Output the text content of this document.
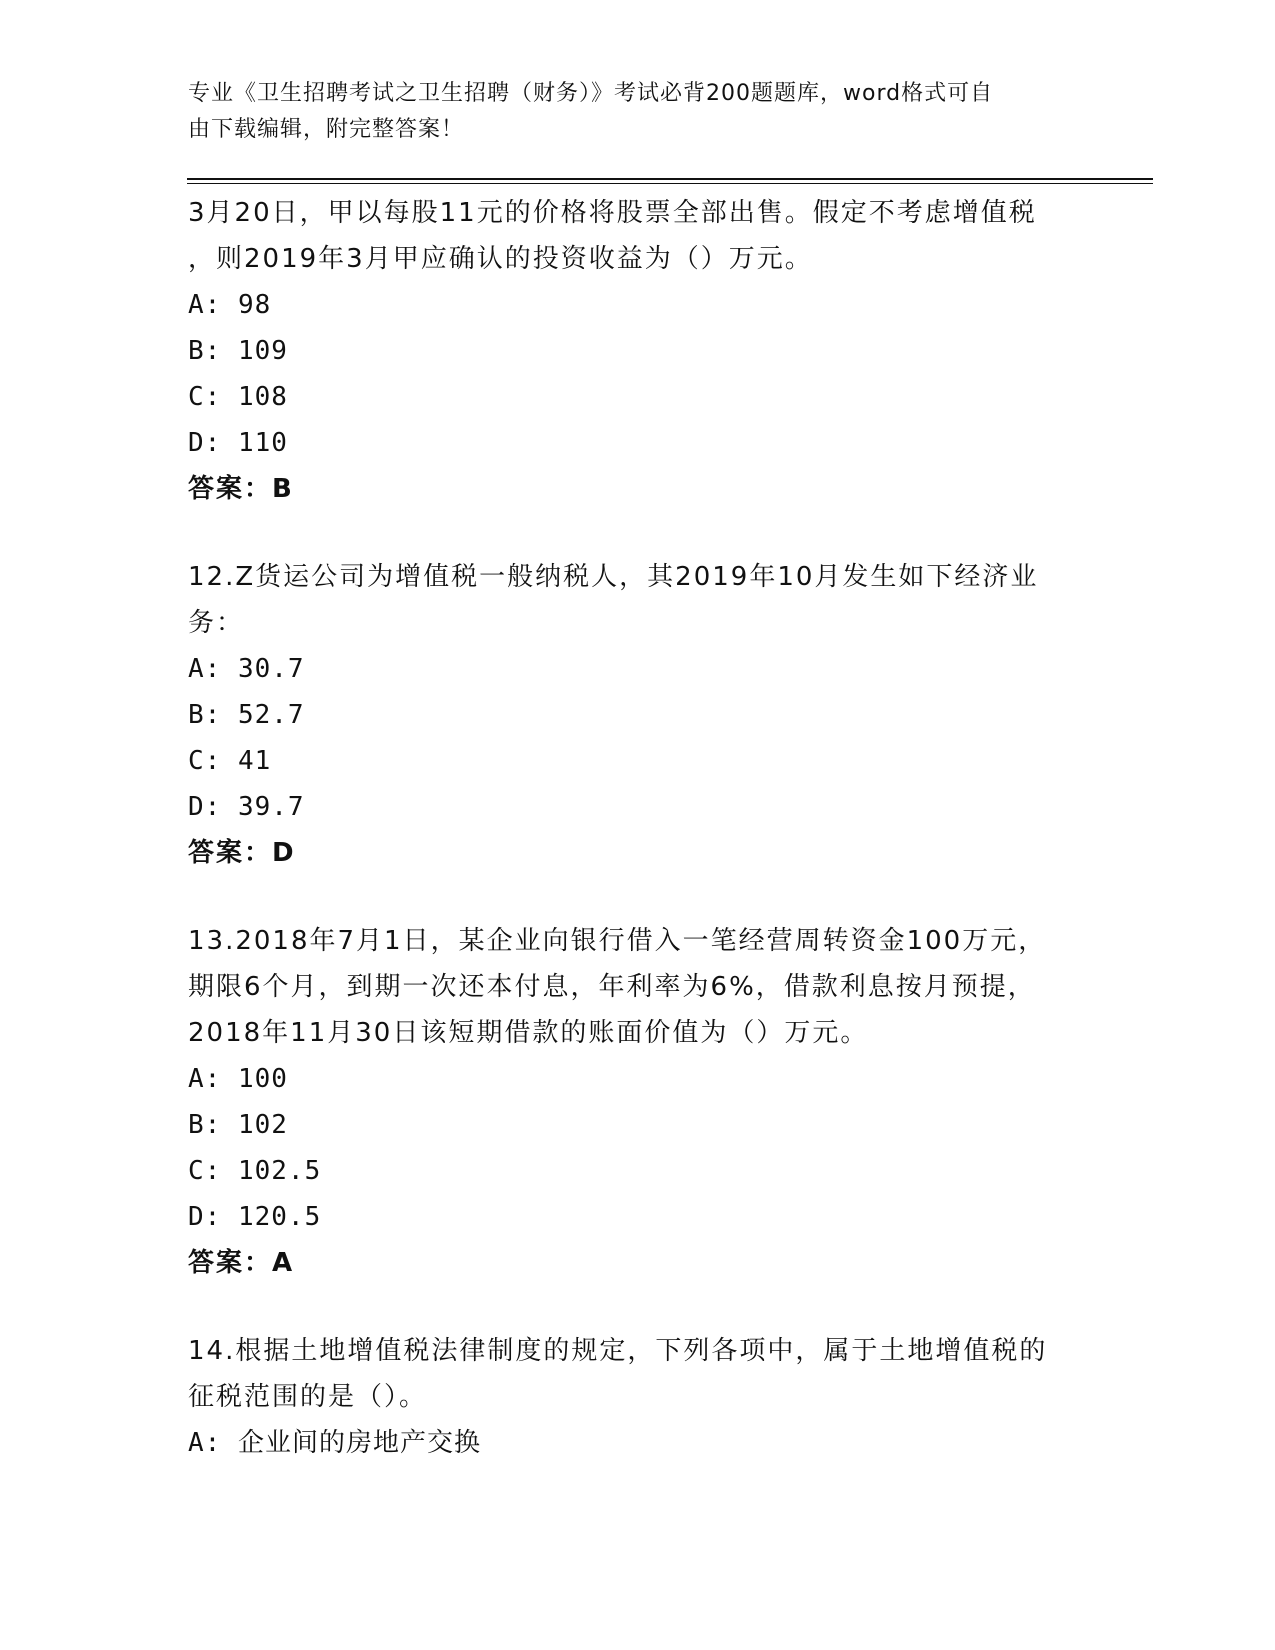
专业《卫生招聘考试之卫生招聘（财务）》考试必背200题题库，word格式可自
由下载编辑，附完整答案！
3月20日，甲以每股11元的价格将股票全部出售。假定不考虑增值税
，则2019年3月甲应确认的投资收益为（）万元。
A: 98
B: 109
C: 108
D: 110
答案：B
12.Z货运公司为增值税一般纳税人，其2019年10月发生如下经济业
务：
A: 30.7
B: 52.7
C: 41
D: 39.7
答案：D
13.2018年7月1日，某企业向银行借入一笔经营周转资金100万元，
期限6个月，到期一次还本付息，年利率为6%，借款利息按月预提，
2018年11月30日该短期借款的账面价值为（）万元。
A: 100
B: 102
C: 102.5
D: 120.5
答案：A
14.根据土地增值税法律制度的规定，下列各项中，属于土地增值税的
征税范围的是（）。
A: 企业间的房地产交换
